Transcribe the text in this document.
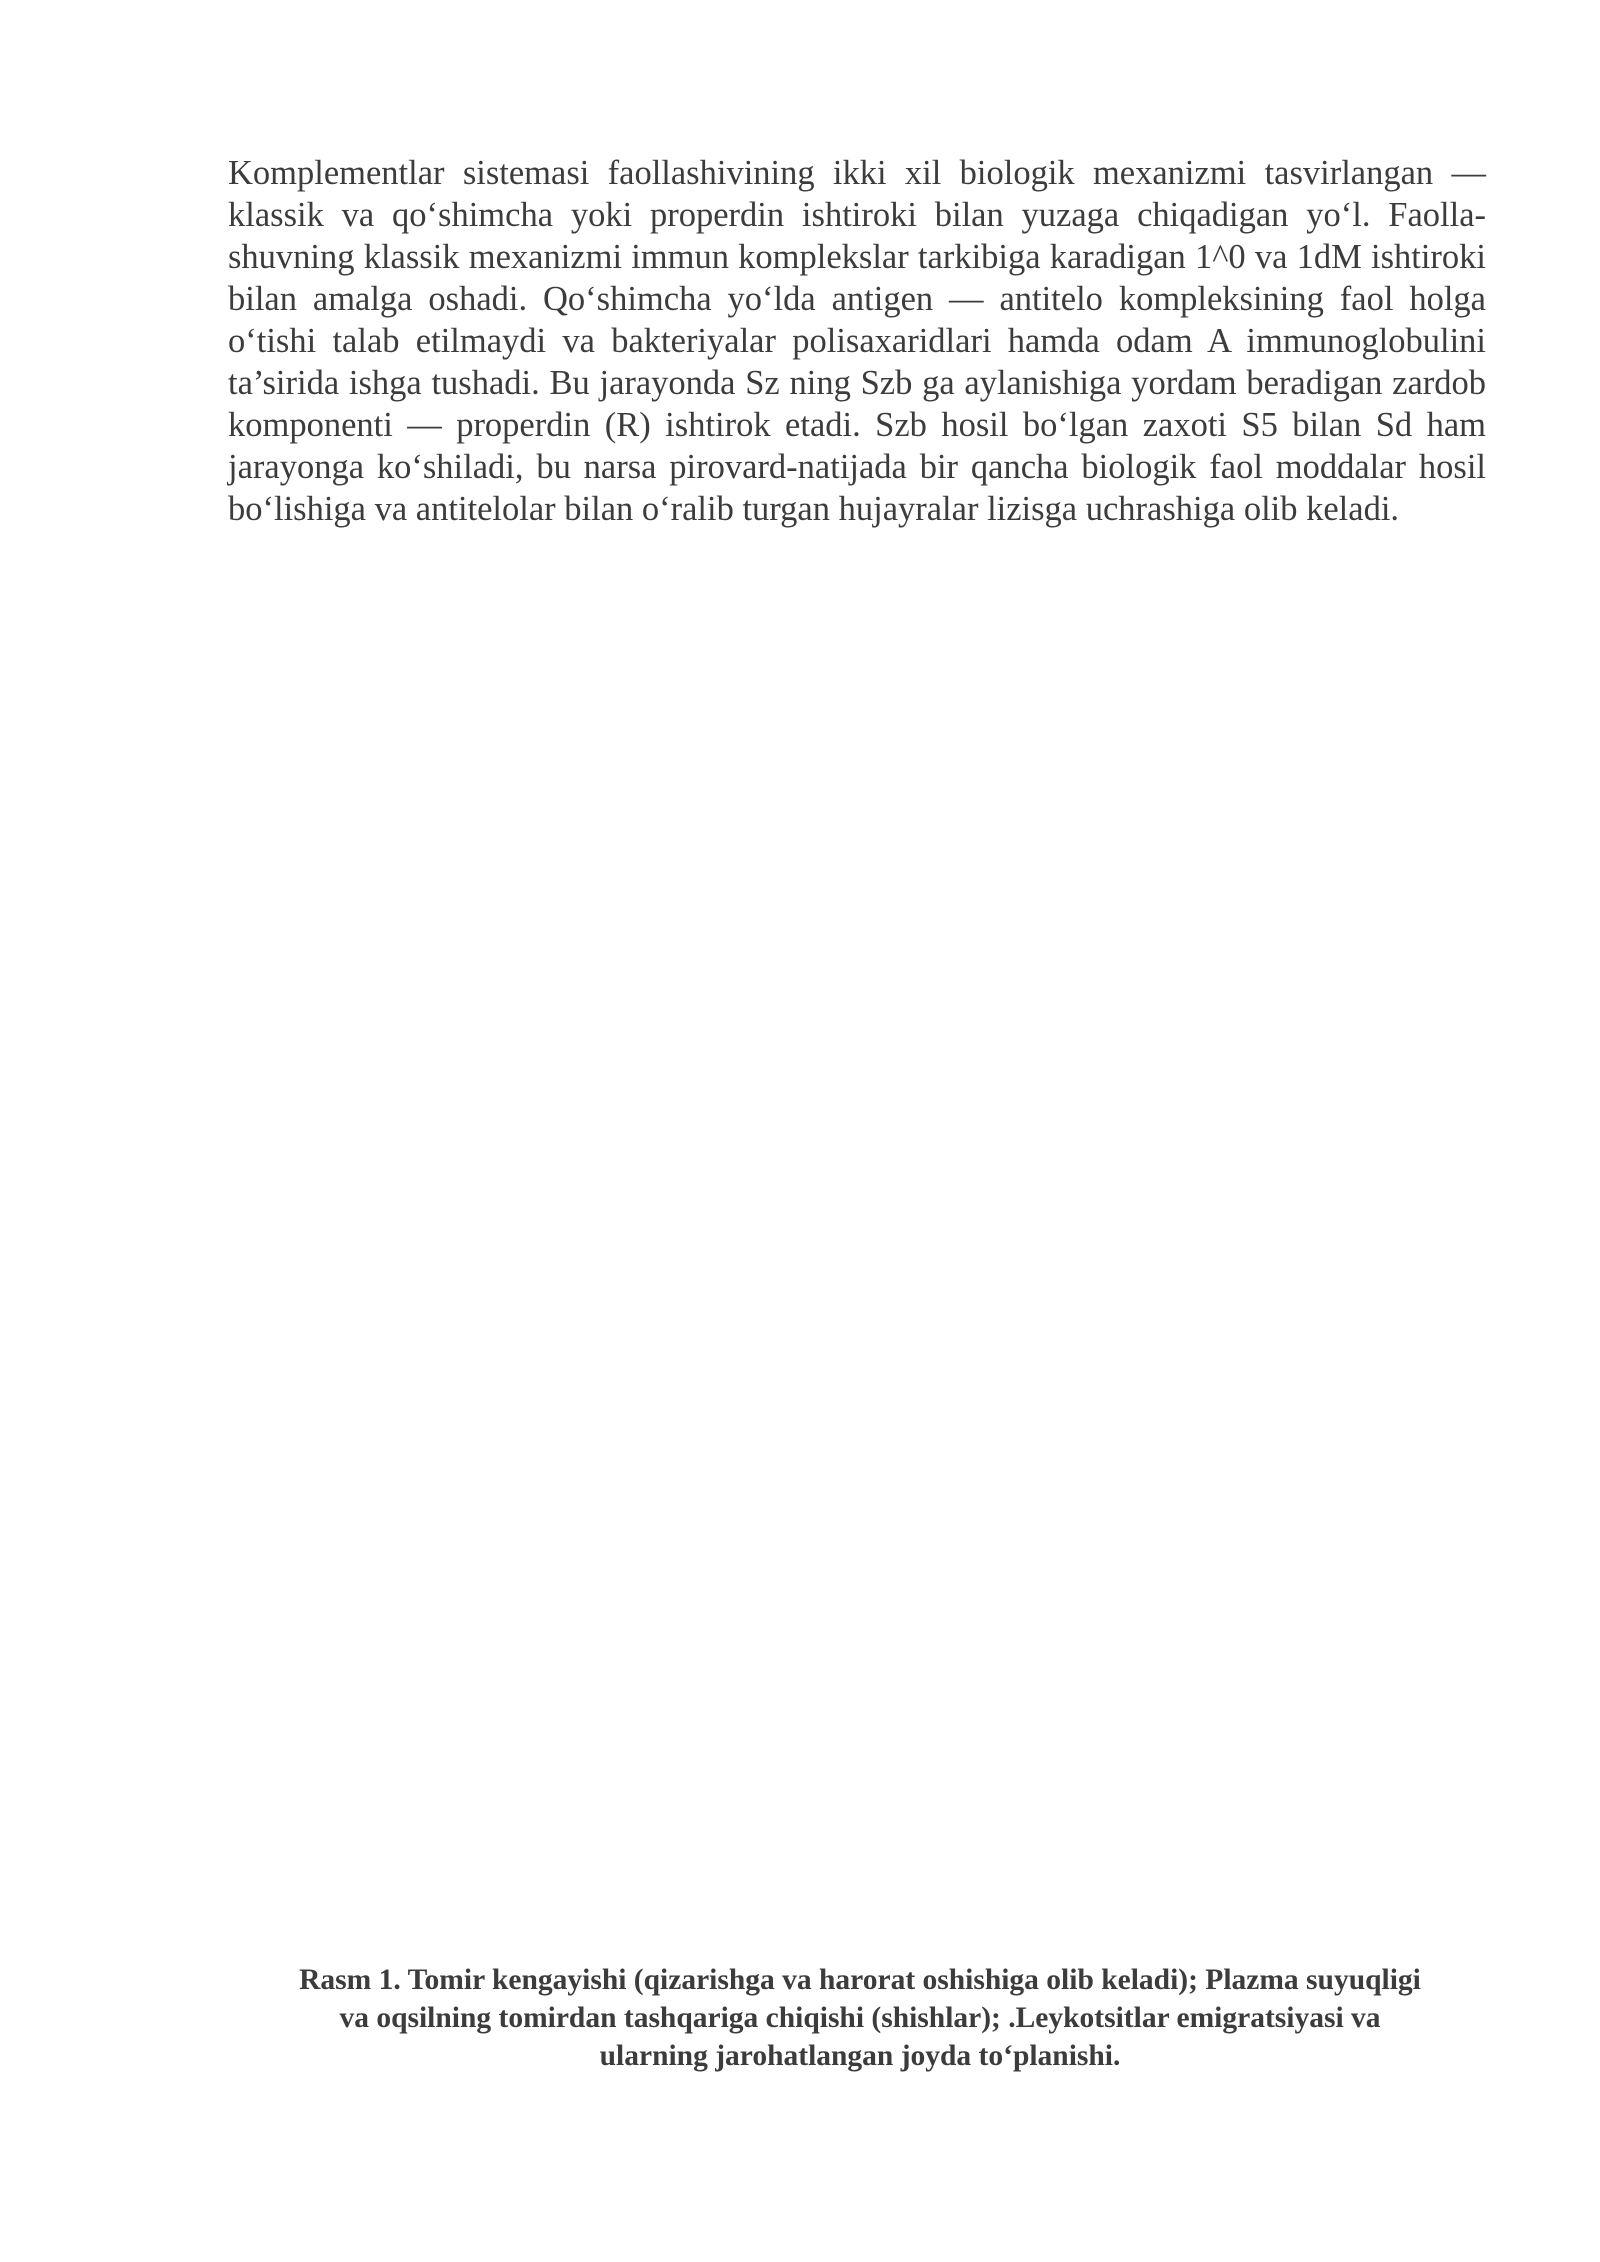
Komplementlar sistemasi faollashivining ikki xil biologik mexanizmi tasvirlangan — klassik va qoʻshimcha yoki properdin ishtiroki bilan yuzaga chiqadigan yoʻl. Faolla-shuvning klassik mexanizmi immun komplekslar tarkibiga karadigan 1^0 va 1dM ishtiroki bilan amalga oshadi. Qoʻshimcha yoʻlda antigen — antitelo kompleksining faol holga oʻtishi talab etilmaydi va bakteriyalar polisaxaridlari hamda odam A immunoglobulini ta’sirida ishga tushadi. Bu jarayonda Sz ning Szb ga aylanishiga yordam beradigan zardob komponenti — properdin (R) ishtirok etadi. Szb hosil boʻlgan zaxoti S5 bilan Sd ham jarayonga koʻshiladi, bu narsa pirovard-natijada bir qancha biologik faol moddalar hosil boʻlishiga va antitelolar bilan oʻralib turgan hujayralar lizisga uchrashiga olib keladi.

Rasm 1. Tomir kengayishi (qizarishga va harorat oshishiga olib keladi); Plazma suyuqligi
va oqsilning tomirdan tashqariga chiqishi (shishlar); .Leykotsitlar emigratsiyasi va
ularning jarohatlangan joyda toʻplanishi.
